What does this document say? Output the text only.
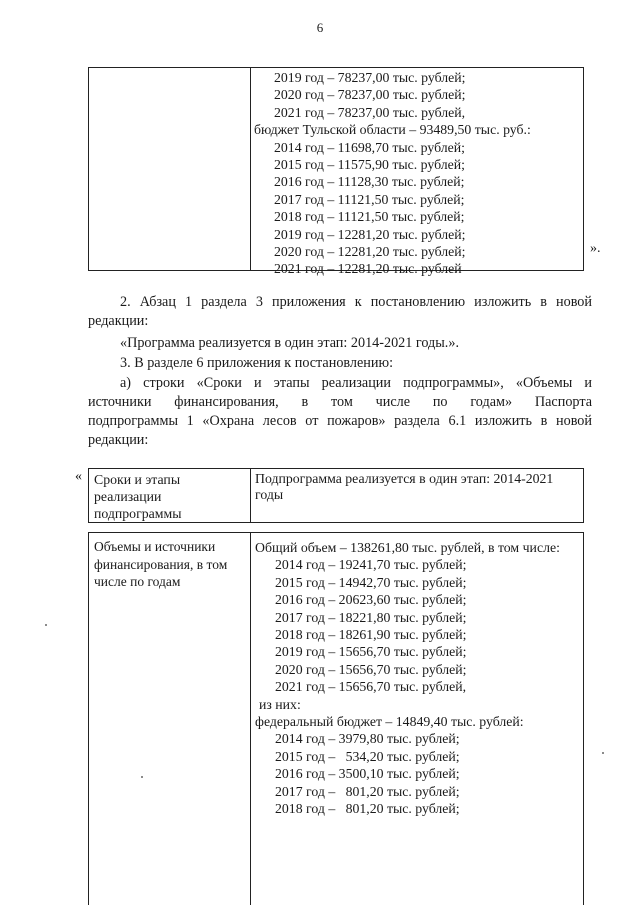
6
2019 год – 78237,00 тыс. рублей;
2020 год – 78237,00 тыс. рублей;
2021 год – 78237,00 тыс. рублей,
бюджет Тульской области – 93489,50 тыс. руб.:
2014 год – 11698,70 тыс. рублей;
2015 год – 11575,90 тыс. рублей;
2016 год – 11128,30 тыс. рублей;
2017 год – 11121,50 тыс. рублей;
2018 год – 11121,50 тыс. рублей;
2019 год – 12281,20 тыс. рублей;
2020 год – 12281,20 тыс. рублей;
2021 год – 12281,20 тыс. рублей
».
2. Абзац 1 раздела 3 приложения к постановлению изложить в новой
редакции:
«Программа реализуется в один этап: 2014-2021 годы.».
3. В разделе 6 приложения к постановлению:
а) строки «Сроки и этапы реализации подпрограммы», «Объемы и
источники финансирования, в том числе по годам» Паспорта
подпрограммы 1 «Охрана лесов от пожаров» раздела 6.1 изложить в новой
редакции:
« Сроки и этапы реализации подпрограммы
Подпрограмма реализуется в один этап: 2014-2021 годы
Объемы и источники финансирования, в том числе по годам
Общий объем – 138261,80 тыс. рублей, в том числе:
2014 год – 19241,70 тыс. рублей;
2015 год – 14942,70 тыс. рублей;
2016 год – 20623,60 тыс. рублей;
2017 год – 18221,80 тыс. рублей;
2018 год – 18261,90 тыс. рублей;
2019 год – 15656,70 тыс. рублей;
2020 год – 15656,70 тыс. рублей;
2021 год – 15656,70 тыс. рублей,
из них:
федеральный бюджет – 14849,40 тыс. рублей:
2014 год – 3979,80 тыс. рублей;
2015 год –   534,20 тыс. рублей;
2016 год – 3500,10 тыс. рублей;
2017 год –   801,20 тыс. рублей;
2018 год –   801,20 тыс. рублей;
